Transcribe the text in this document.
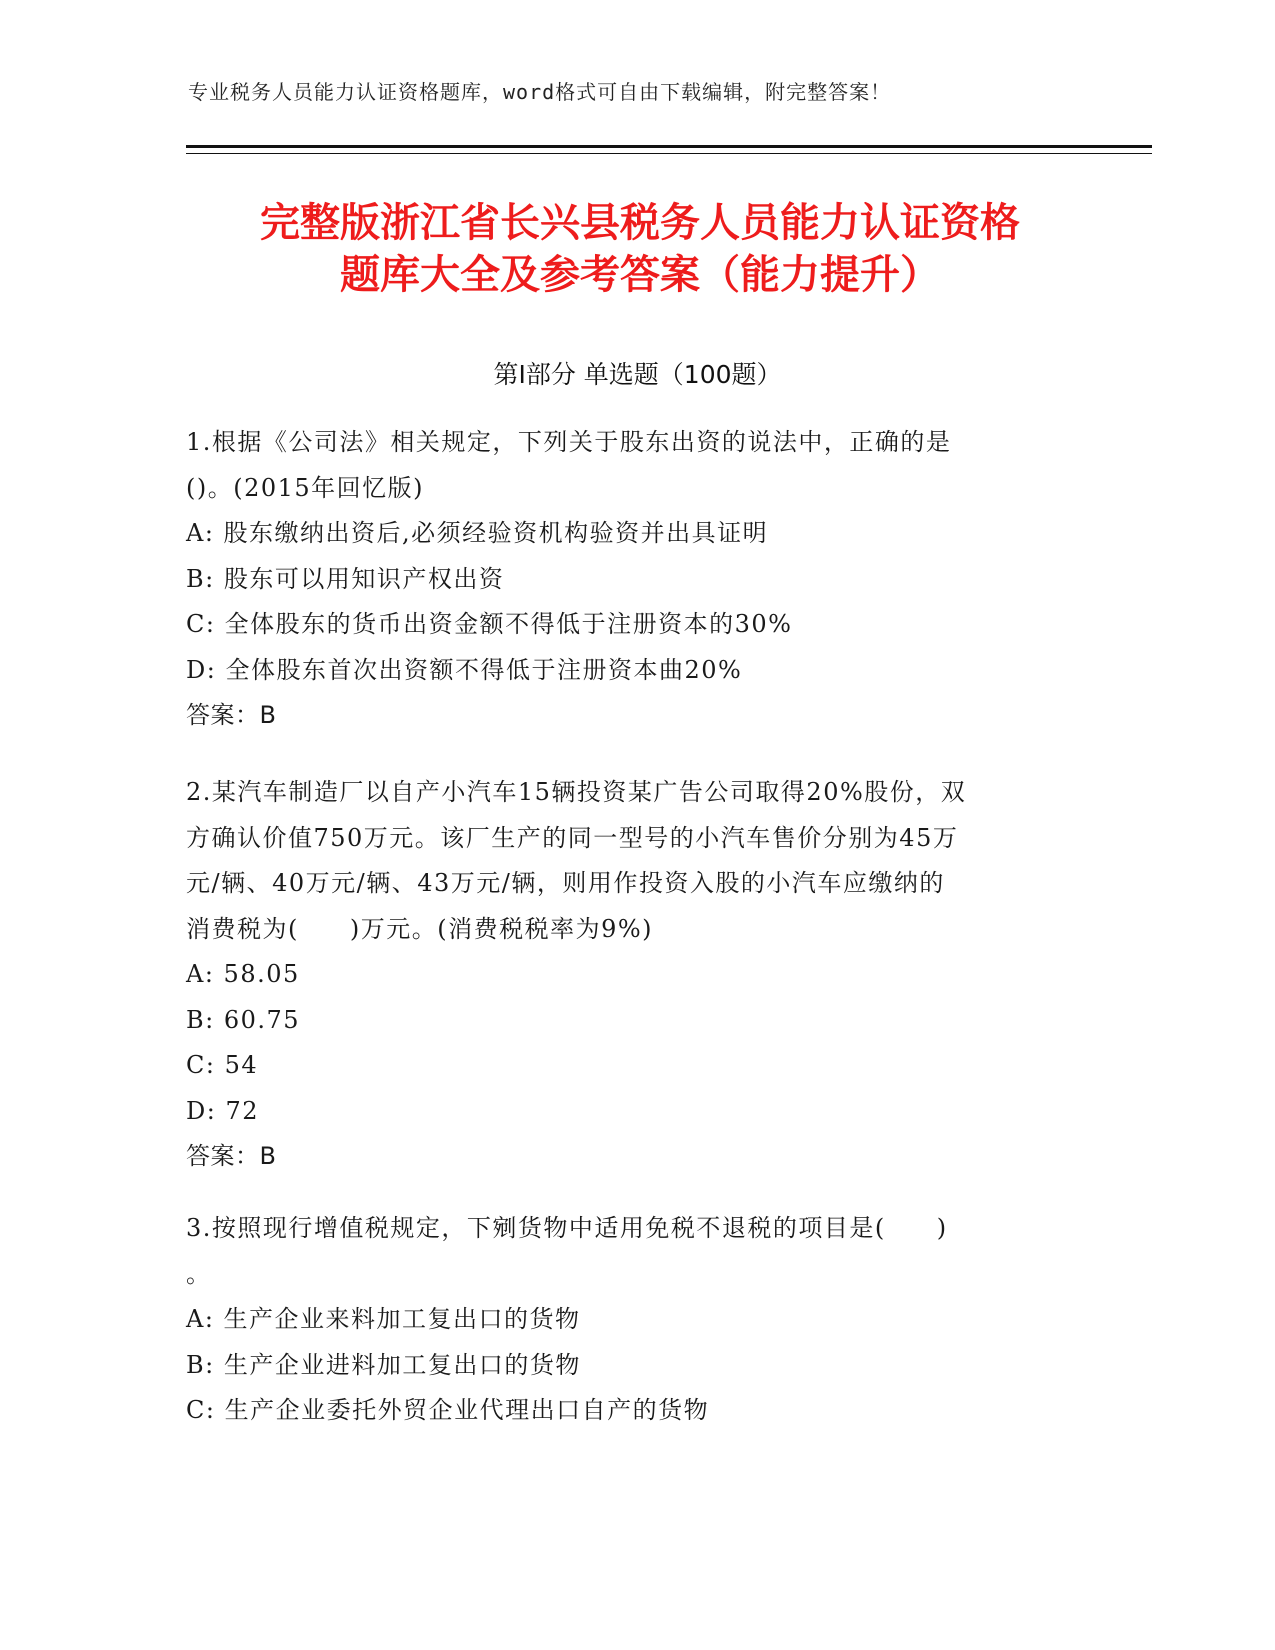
专业税务人员能力认证资格题库，word格式可自由下载编辑，附完整答案！
完整版浙江省长兴县税务人员能力认证资格
题库大全及参考答案（能力提升）
第Ⅰ部分 单选题（100题）
1.根据《公司法》相关规定，下列关于股东出资的说法中，正确的是
()。(2015年回忆版)
A: 股东缴纳出资后,必须经验资机构验资并出具证明
B: 股东可以用知识产权出资
C: 全体股东的货币出资金额不得低于注册资本的30%
D: 全体股东首次出资额不得低于注册资本曲20%
答案：B
2.某汽车制造厂以自产小汽车15辆投资某广告公司取得20%股份，双
方确认价值750万元。该厂生产的同一型号的小汽车售价分别为45万
元/辆、40万元/辆、43万元/辆，则用作投资入股的小汽车应缴纳的
消费税为(　　)万元。(消费税税率为9%)
A: 58.05
B: 60.75
C: 54
D: 72
答案：B
3.按照现行增值税规定，下剜货物中适用免税不退税的项目是(　　)
。
A: 生产企业来料加工复出口的货物
B: 生产企业进料加工复出口的货物
C: 生产企业委托外贸企业代理出口自产的货物
